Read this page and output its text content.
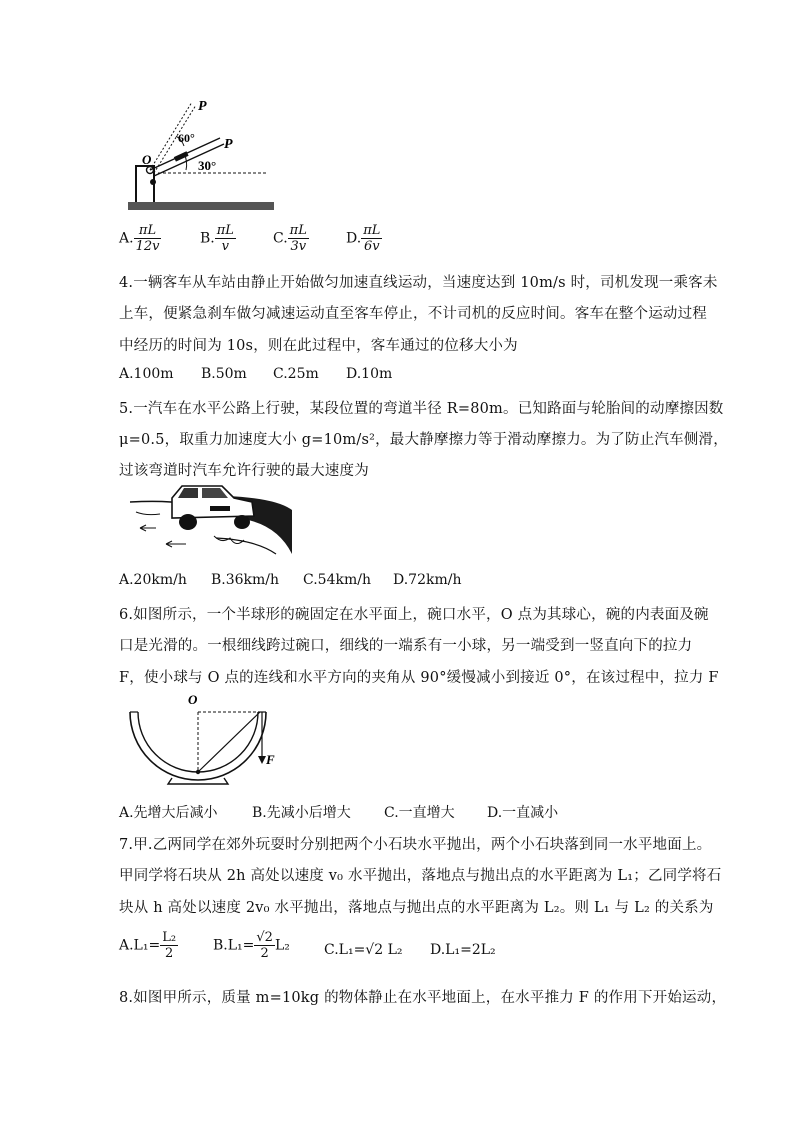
P
P
O
60°
30°
A. $\frac{\pi L}{12v}$	B. $\frac{\pi L}{v}$	C. $\frac{\pi L}{3v}$	D. $\frac{\pi L}{6v}$
4.一辆客车从车站由静止开始做匀加速直线运动，当速度达到 10m/s 时，司机发现一乘客未
上车，便紧急刹车做匀减速运动直至客车停止，不计司机的反应时间。客车在整个运动过程
中经历的时间为 10s，则在此过程中，客车通过的位移大小为
A.100m B.50m C.25m D.10m
5.一汽车在水平公路上行驶，某段位置的弯道半径 R=80m。已知路面与轮胎间的动摩擦因数
μ=0.5，取重力加速度大小 g=10m/s²，最大静摩擦力等于滑动摩擦力。为了防止汽车侧滑，
过该弯道时汽车允许行驶的最大速度为
A.20km/h B.36km/h C.54km/h D.72km/h
6.如图所示，一个半球形的碗固定在水平面上，碗口水平，O 点为其球心，碗的内表面及碗
口是光滑的。一根细线跨过碗口，细线的一端系有一小球，另一端受到一竖直向下的拉力
F，使小球与 O 点的连线和水平方向的夹角从 90°缓慢减小到接近 0°，在该过程中，拉力 F
O
F
A.先增大后减小 B.先减小后增大 C.一直增大 D.一直减小
7.甲.乙两同学在郊外玩耍时分别把两个小石块水平抛出，两个小石块落到同一水平地面上。
甲同学将石块从 2h 高处以速度 v₀ 水平抛出，落地点与抛出点的水平距离为 L₁；乙同学将石
块从 h 高处以速度 2v₀ 水平抛出，落地点与抛出点的水平距离为 L₂。则 L₁ 与 L₂ 的关系为
$A.L_1= \frac{\text{L₂}}{2} B.L_1= \frac{√2}{2} L_2$ C.L₁=√2 L₂ D.L₁=2L₂
8.如图甲所示，质量 m=10kg 的物体静止在水平地面上，在水平推力 F 的作用下开始运动，
